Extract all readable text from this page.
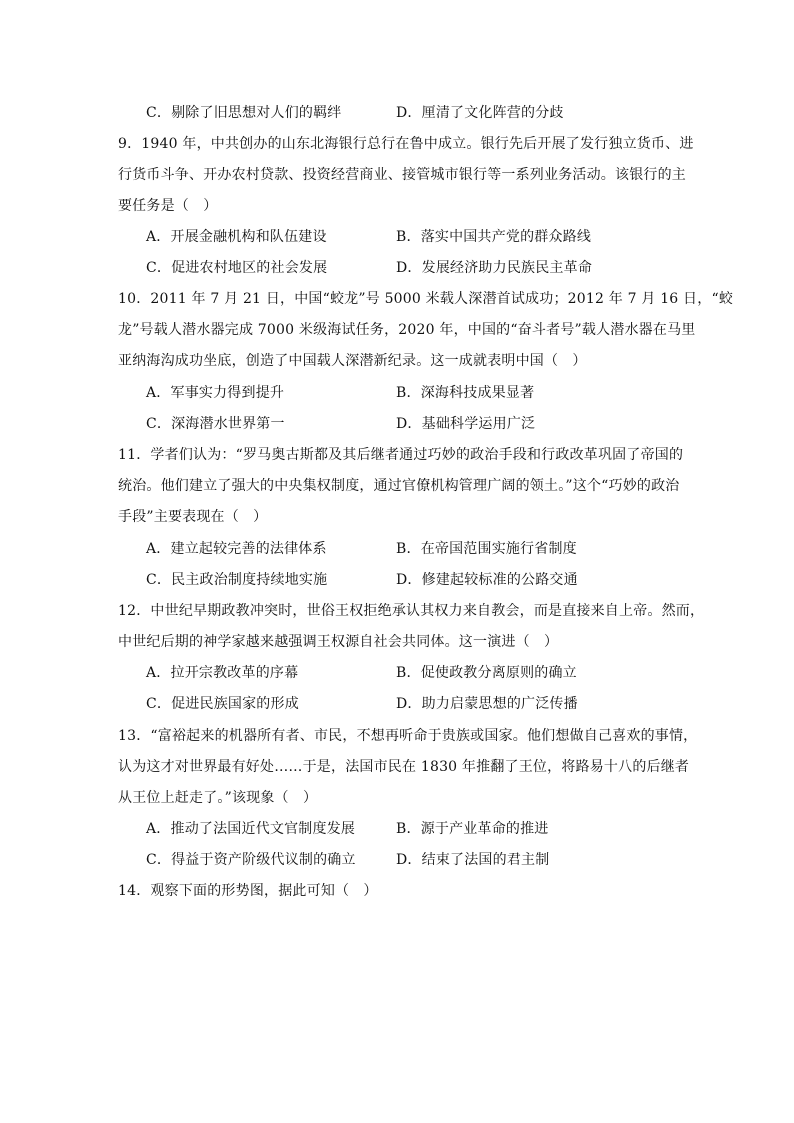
C．剔除了旧思想对人们的羁绊	D．厘清了文化阵营的分歧
9．1940 年，中共创办的山东北海银行总行在鲁中成立。银行先后开展了发行独立货币、进
行货币斗争、开办农村贷款、投资经营商业、接管城市银行等一系列业务活动。该银行的主
要任务是（　）
A．开展金融机构和队伍建设	B．落实中国共产党的群众路线
C．促进农村地区的社会发展	D．发展经济助力民族民主革命
10．2011 年 7 月 21 日，中国“蛟龙”号 5000 米载人深潜首试成功；2012 年 7 月 16 日，“蛟
龙”号载人潜水器完成 7000 米级海试任务，2020 年，中国的“奋斗者号”载人潜水器在马里
亚纳海沟成功坐底，创造了中国载人深潜新纪录。这一成就表明中国（　）
A．军事实力得到提升	B．深海科技成果显著
C．深海潜水世界第一	D．基础科学运用广泛
11．学者们认为：“罗马奥古斯都及其后继者通过巧妙的政治手段和行政改革巩固了帝国的
统治。他们建立了强大的中央集权制度，通过官僚机构管理广阔的领土。”这个“巧妙的政治
手段”主要表现在（　）
A．建立起较完善的法律体系	B．在帝国范围实施行省制度
C．民主政治制度持续地实施	D．修建起较标准的公路交通
12．中世纪早期政教冲突时，世俗王权拒绝承认其权力来自教会，而是直接来自上帝。然而，
中世纪后期的神学家越来越强调王权源自社会共同体。这一演进（　）
A．拉开宗教改革的序幕	B．促使政教分离原则的确立
C．促进民族国家的形成	D．助力启蒙思想的广泛传播
13．“富裕起来的机器所有者、市民，不想再听命于贵族或国家。他们想做自己喜欢的事情，
认为这才对世界最有好处……于是，法国市民在 1830 年推翻了王位，将路易十八的后继者
从王位上赶走了。”该现象（　）
A．推动了法国近代文官制度发展	B．源于产业革命的推进
C．得益于资产阶级代议制的确立	D．结束了法国的君主制
14．观察下面的形势图，据此可知（　）
